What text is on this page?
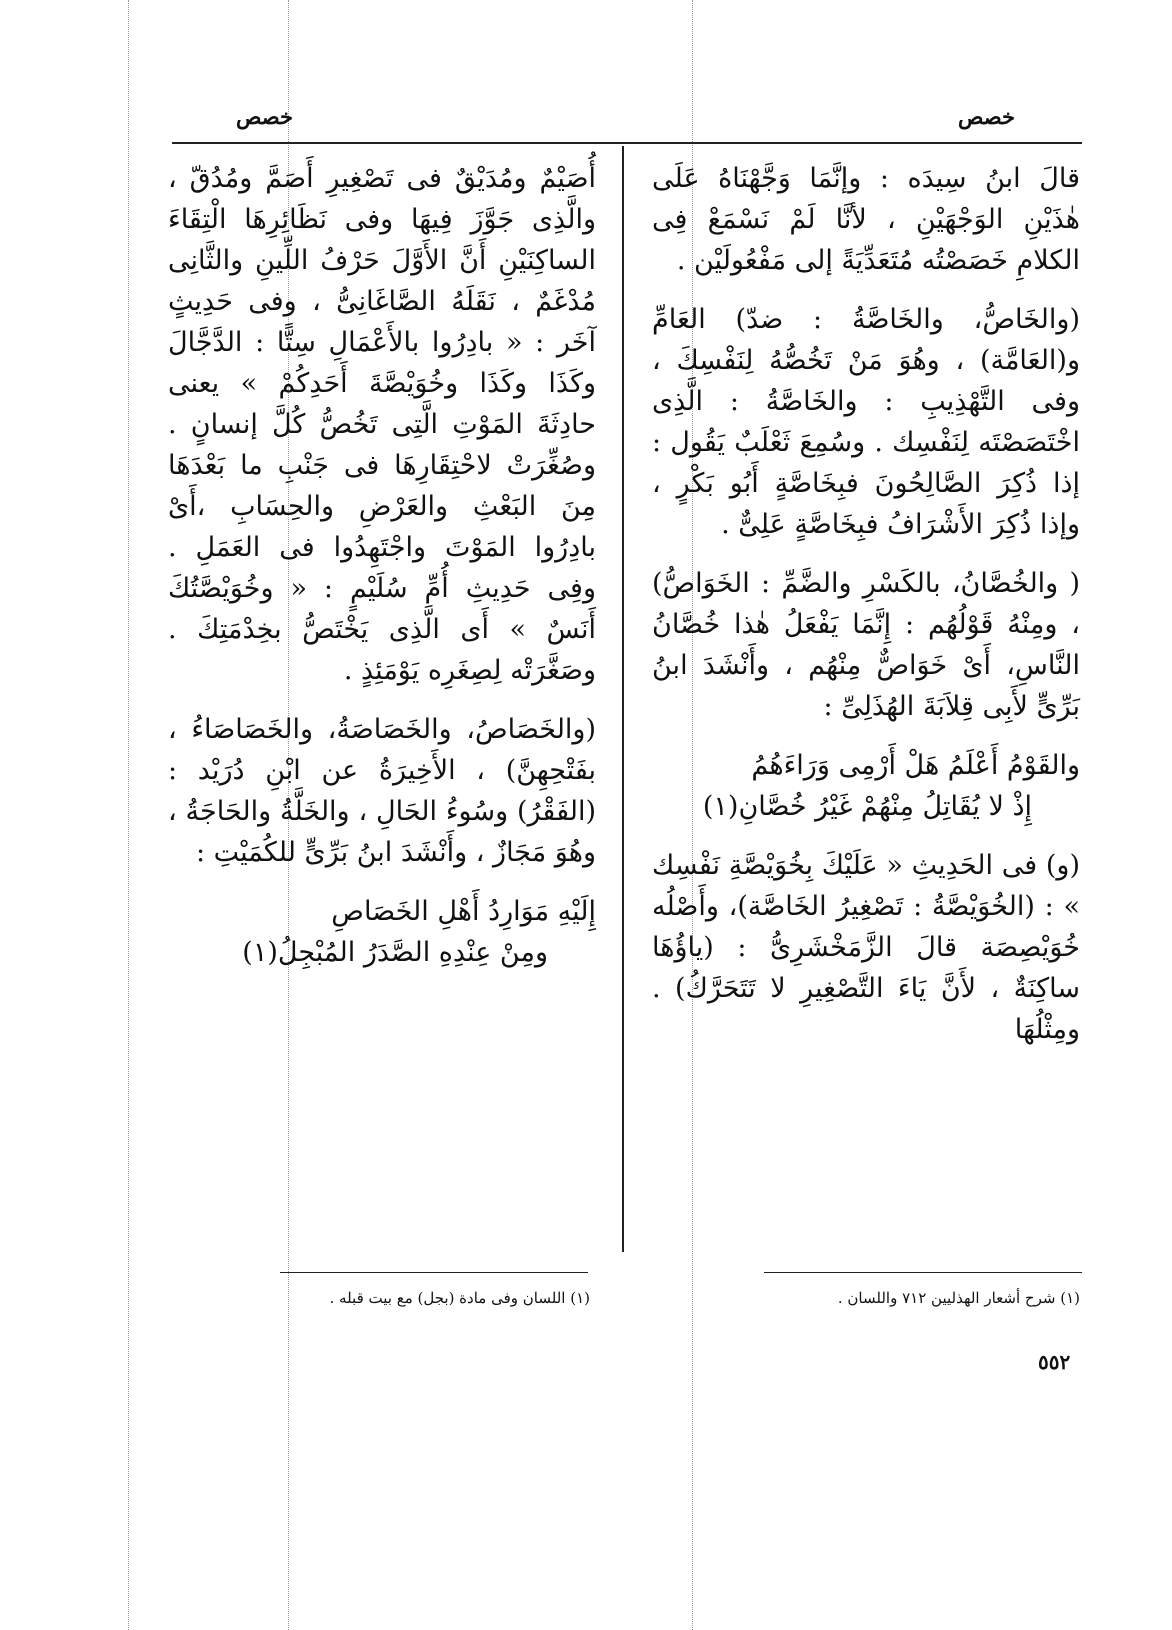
خصص
خصص

قالَ ابنُ سِيدَه : وإنَّمَا وَجَّهْنَاهُ عَلَى هٰذَيْنِ الوَجْهَيْنِ ، لأنَّا لَمْ نَسْمَعْ فِى الكلامِ خَصَصْتُه مُتَعَدِّيَةً إلى مَفْعُولَيْن .

(والخَاصُّ، والخَاصَّةُ : ضدّ) العَامِّ و(العَامَّة) ، وهُوَ مَنْ تَخُصُّهُ لِنَفْسِكَ ، وفى التَّهْذِيبِ : والخَاصَّةُ : الَّذِى اخْتَصَصْتَه لِنَفْسِك . وسُمِعَ ثَعْلَبٌ يَقُول : إذا ذُكِرَ الصَّالِحُونَ فبِخَاصَّةٍ أَبُو بَكْرٍ ، وإذا ذُكِرَ الأَشْرَافُ فبِخَاصَّةٍ عَلِىٌّ .

( والخُصَّانُ، بالكَسْرِ والضَّمِّ : الخَوَاصُّ) ، ومِنْهُ قَوْلُهُم : إِنَّمَا يَفْعَلُ هٰذا خُصَّانُ النَّاسِ، أَىْ خَوَاصٌّ مِنْهُم ، وأَنْشَدَ ابنُ بَرِّىٍّ لأَبِى قِلاَبَةَ الهُذَلِىِّ :

والقَوْمُ أَعْلَمُ هَلْ أَرْمِى وَرَاءَهُمُ

إِذْ لا يُقَاتِلُ مِنْهُمْ غَيْرُ خُصَّانِ(١)

(و) فى الحَدِيثِ « عَلَيْكَ بِخُوَيْصَّةِ نَفْسِك » : (الخُوَيْصَّةُ : تَصْغِيرُ الخَاصَّة)، وأَصْلُه خُوَيْصِصَة قالَ الزَّمَخْشَرِىُّ : (ياؤُهَا ساكِنَةٌ ، لأَنَّ يَاءَ التَّصْغِيرِ لا تَتَحَرَّكُ) . ومِثْلُهَا

أُصَيْمٌ ومُدَيْقٌ فى تَصْغِيرِ أَصَمَّ ومُدُقّ ، والَّذِى جَوَّزَ فِيهَا وفى نَظَائِرِهَا الْتِقَاءَ الساكِنَيْنِ أَنَّ الأَوَّلَ حَرْفُ اللِّينِ والثَّانِى مُدْغَمٌ ، نَقَلَهُ الصَّاغَانِىُّ ، وفى حَدِيثٍ آخَر : « بادِرُوا بالأَعْمَالِ سِتًّا : الدَّجَّالَ وكَذَا وكَذَا وخُوَيْصَّةَ أَحَدِكُمْ » يعنى حادِثَةَ المَوْتِ الَّتِى تَخُصُّ كُلَّ إنسانٍ . وصُغِّرَتْ لاحْتِقَارِهَا فى جَنْبِ ما بَعْدَهَا مِنَ البَعْثِ والعَرْضِ والحِسَابِ ،أَىْ بادِرُوا المَوْتَ واجْتَهِدُوا فى العَمَلِ . وفِى حَدِيثِ أُمِّ سُلَيْمٍ : « وخُوَيْصَّتُكَ أَنَسٌ » أَى الَّذِى يَخْتَصُّ بخِدْمَتِكَ . وصَغَّرَتْه لِصِغَرِه يَوْمَئِذٍ .

(والخَصَاصُ، والخَصَاصَةُ، والخَصَاصَاءُ ، بفَتْحِهِنَّ) ، الأَخِيرَةُ عن ابْنِ دُرَيْد : (الفَقْرُ) وسُوءُ الحَالِ ، والخَلَّةُ والحَاجَةُ ، وهُوَ مَجَازٌ ، وأَنْشَدَ ابنُ بَرِّىٍّ للكُمَيْتِ :

إِلَيْهِ مَوَارِدُ أَهْلِ الخَصَاصِ

ومِنْ عِنْدِهِ الصَّدَرُ المُبْجِلُ(١)

(١) شرح أشعار الهذليين ٧١٢ واللسان .
(١) اللسان وفى مادة (بجل) مع بيت قبله .
٥٥٢
